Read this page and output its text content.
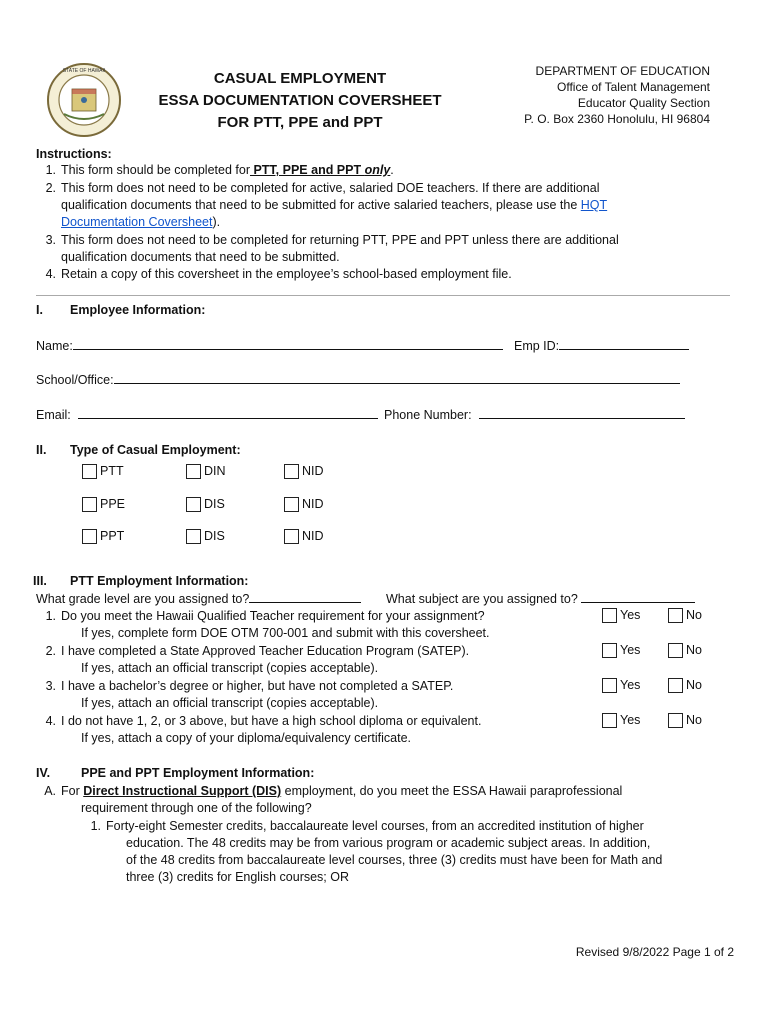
STATE OF HAWAII	CASUAL EMPLOYMENT
ESSA DOCUMENTATION COVERSHEET
FOR PTT, PPE and PPT
DEPARTMENT OF EDUCATION
Office of Talent Management
Educator Quality Section
P. O. Box 2360 Honolulu, HI 96804
Instructions:
1. This form should be completed for PTT, PPE and PPT only.
2. This form does not need to be completed for active, salaried DOE teachers. If there are additional
qualification documents that need to be submitted for active salaried teachers, please use the HQT
Documentation Coversheet).
3. This form does not need to be completed for returning PTT, PPE and PPT unless there are additional
qualification documents that need to be submitted.
4. Retain a copy of this coversheet in the employee’s school-based employment file.
I. Employee Information:
Name:	Emp ID:
School/Office:
Email:	Phone Number:
II. Type of Casual Employment:
PTT	DIN	NID
PPE	DIS	NID
PPT	DIS	NID
III. PTT Employment Information:
What grade level are you assigned to?	What subject are you assigned to?
1. Do you meet the Hawaii Qualified Teacher requirement for your assignment?
If yes, complete form DOE OTM 700-001 and submit with this coversheet.
Yes	No
2. I have completed a State Approved Teacher Education Program (SATEP).
If yes, attach an official transcript (copies acceptable).
Yes	No
3. I have a bachelor’s degree or higher, but have not completed a SATEP.
If yes, attach an official transcript (copies acceptable).
Yes	No
4. I do not have 1, 2, or 3 above, but have a high school diploma or equivalent.
If yes, attach a copy of your diploma/equivalency certificate.
Yes	No
IV. PPE and PPT Employment Information:
A. For Direct Instructional Support (DIS) employment, do you meet the ESSA Hawaii paraprofessional
requirement through one of the following?
1. Forty-eight Semester credits, baccalaureate level courses, from an accredited institution of higher
education. The 48 credits may be from various program or academic subject areas. In addition,
of the 48 credits from baccalaureate level courses, three (3) credits must have been for Math and
three (3) credits for English courses; OR
Revised 9/8/2022 Page 1 of 2
